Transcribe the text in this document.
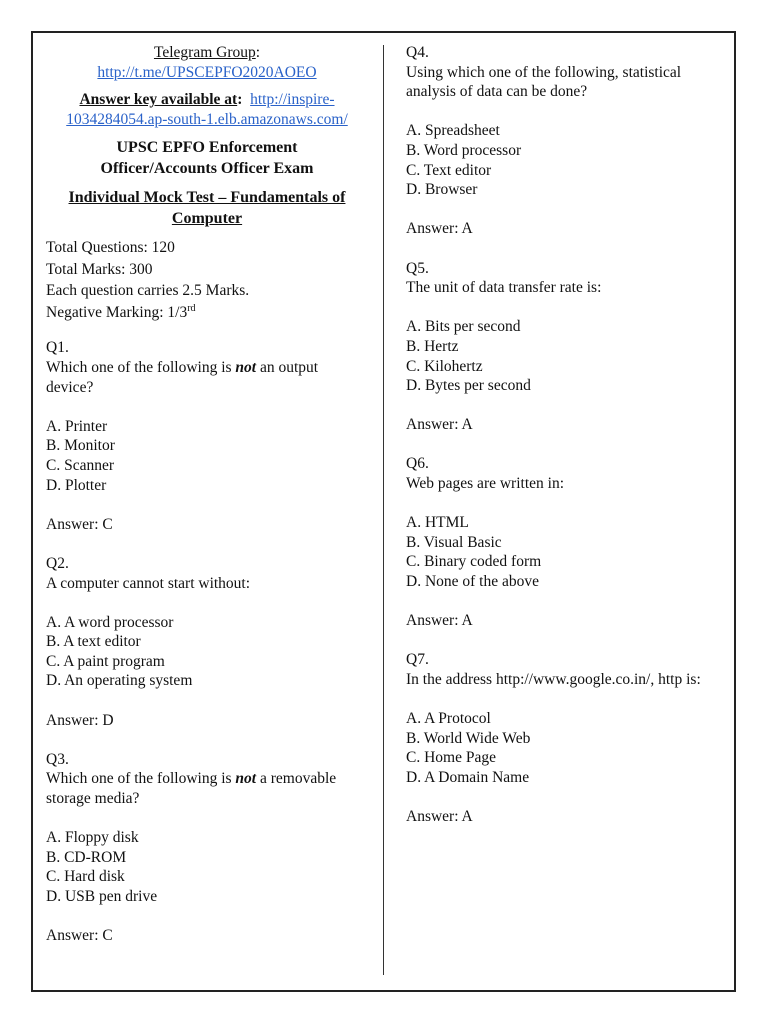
Telegram Group:

http://t.me/UPSCEPFO2020AOEO

Answer key available at: http://inspire-

1034284054.ap-south-1.elb.amazonaws.com/

UPSC EPFO Enforcement

Officer/Accounts Officer Exam

Individual Mock Test – Fundamentals of

Computer

Total Questions: 120

Total Marks: 300

Each question carries 2.5 Marks.

Negative Marking: 1/3rd

Q1.

Which one of the following is not an output device?

A. Printer

B. Monitor

C. Scanner

D. Plotter

Answer: C

Q2.

A computer cannot start without:

A. A word processor

B. A text editor

C. A paint program

D. An operating system

Answer: D

Q3.

Which one of the following is not a removable storage media?

A. Floppy disk

B. CD-ROM

C. Hard disk

D. USB pen drive

Answer: C

Q4.

Using which one of the following, statistical analysis of data can be done?

A. Spreadsheet

B. Word processor

C. Text editor

D. Browser

Answer: A

Q5.

The unit of data transfer rate is:

A. Bits per second

B. Hertz

C. Kilohertz

D. Bytes per second

Answer: A

Q6.

Web pages are written in:

A. HTML

B. Visual Basic

C. Binary coded form

D. None of the above

Answer: A

Q7.

In the address http://www.google.co.in/, http is:

A. A Protocol

B. World Wide Web

C. Home Page

D. A Domain Name

Answer: A
